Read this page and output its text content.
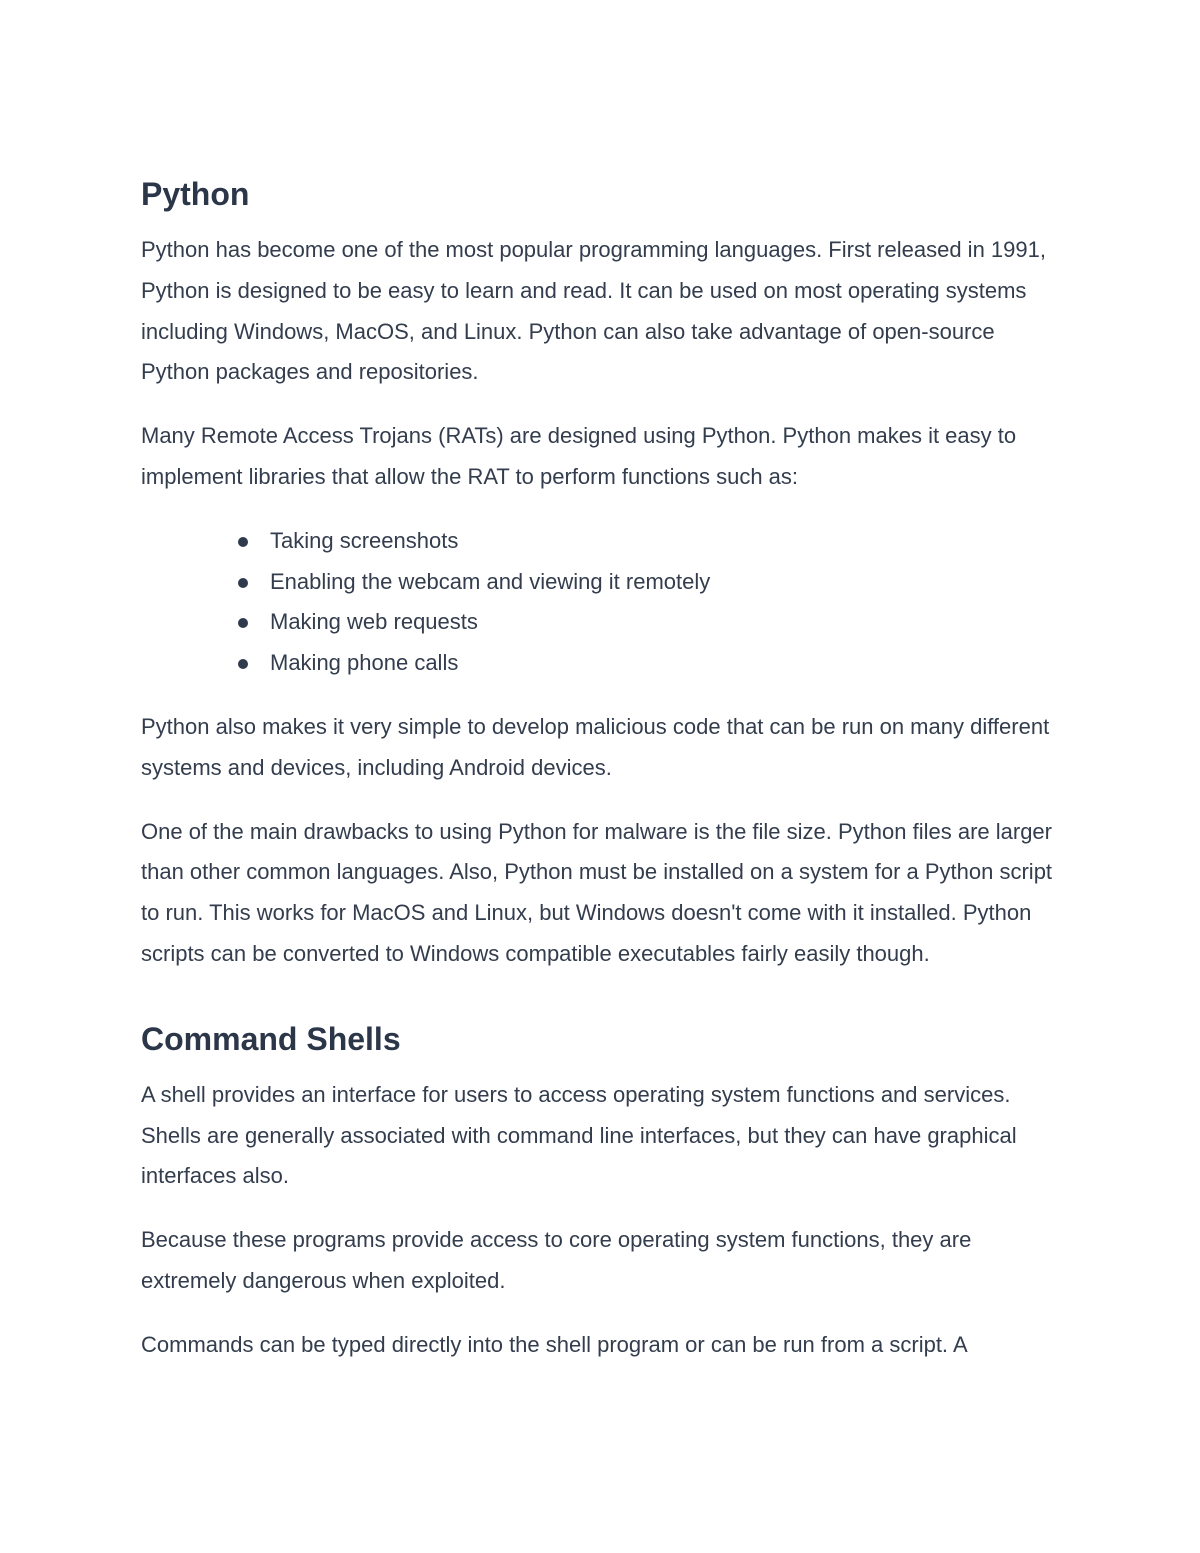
Python

Python has become one of the most popular programming languages. First released in 1991, Python is designed to be easy to learn and read. It can be used on most operating systems including Windows, MacOS, and Linux. Python can also take advantage of open-source Python packages and repositories.

Many Remote Access Trojans (RATs) are designed using Python. Python makes it easy to implement libraries that allow the RAT to perform functions such as:

Taking screenshots
Enabling the webcam and viewing it remotely
Making web requests
Making phone calls

Python also makes it very simple to develop malicious code that can be run on many different systems and devices, including Android devices.

One of the main drawbacks to using Python for malware is the file size. Python files are larger than other common languages. Also, Python must be installed on a system for a Python script to run. This works for MacOS and Linux, but Windows doesn't come with it installed. Python scripts can be converted to Windows compatible executables fairly easily though.

Command Shells

A shell provides an interface for users to access operating system functions and services. Shells are generally associated with command line interfaces, but they can have graphical interfaces also.

Because these programs provide access to core operating system functions, they are extremely dangerous when exploited.

Commands can be typed directly into the shell program or can be run from a script. A
